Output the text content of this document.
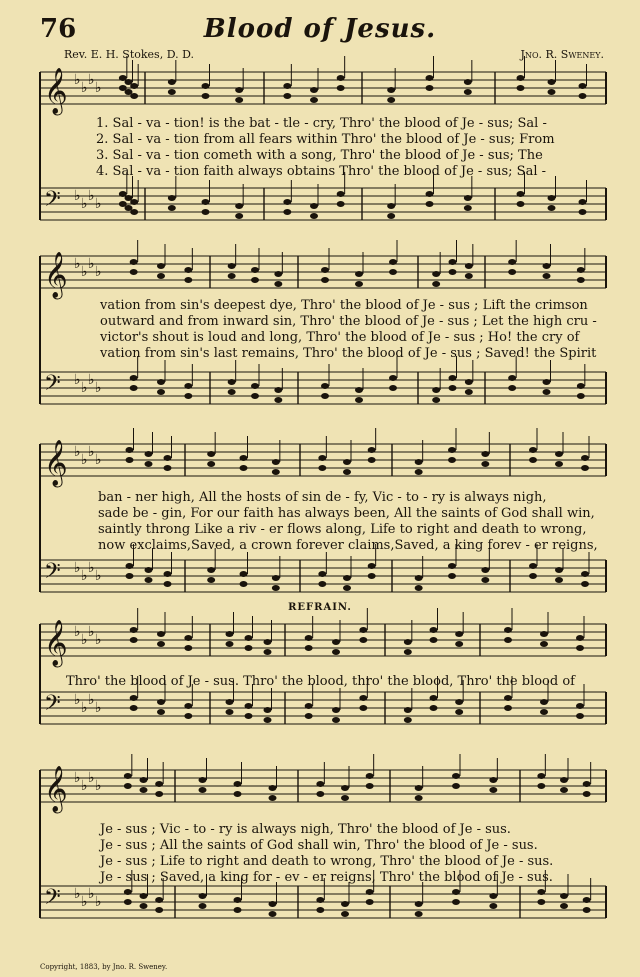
76	Blood of Jesus.
Rev. E. H. Stokes, D. D.	Jno. R. Sweney.
𝄞 ♭ ♭ ♭ ♭
𝄢 ♭ ♭ ♭ ♭
𝄞 ♭ ♭ ♭ ♭
𝄢 ♭ ♭ ♭ ♭
𝄞 ♭ ♭ ♭ ♭
𝄢 ♭ ♭ ♭ ♭
𝄞 ♭ ♭ ♭ ♭
𝄢 ♭ ♭ ♭ ♭
𝄞 ♭ ♭ ♭ ♭
𝄢 ♭ ♭ ♭ ♭
1. Sal - va - tion! is the bat - tle - cry, Thro' the blood of Je - sus; Sal -
2. Sal - va - tion from all fears within Thro' the blood of Je - sus; From
3. Sal - va - tion cometh with a song, Thro' the blood of Je - sus; The
4. Sal - va - tion faith always obtains Thro' the blood of Je - sus; Sal -
vation from sin's deepest dye, Thro' the blood of Je - sus ; Lift the crimson
outward and from inward sin, Thro' the blood of Je - sus ; Let the high cru -
victor's shout is loud and long, Thro' the blood of Je - sus ; Ho! the cry of
vation from sin's last remains, Thro' the blood of Je - sus ; Saved! the Spirit
ban - ner high, All the hosts of sin de - fy, Vic - to - ry is always nigh,
sade be - gin, For our faith has always been, All the saints of God shall win,
saintly throng Like a riv - er flows along, Life to right and death to wrong,
now exclaims,Saved, a crown forever claims,Saved, a king forev - er reigns,
REFRAIN.
Thro' the blood of Je - sus. Thro' the blood, thro' the blood, Thro' the blood of
Je - sus ; Vic - to - ry is always nigh, Thro' the blood of Je - sus.
Je - sus ; All the saints of God shall win, Thro' the blood of Je - sus.
Je - sus ; Life to right and death to wrong, Thro' the blood of Je - sus.
Je - sus ; Saved, a king for - ev - er reigns, Thro' the blood of Je - sus.
Copyright, 1883, by Jno. R. Sweney.
